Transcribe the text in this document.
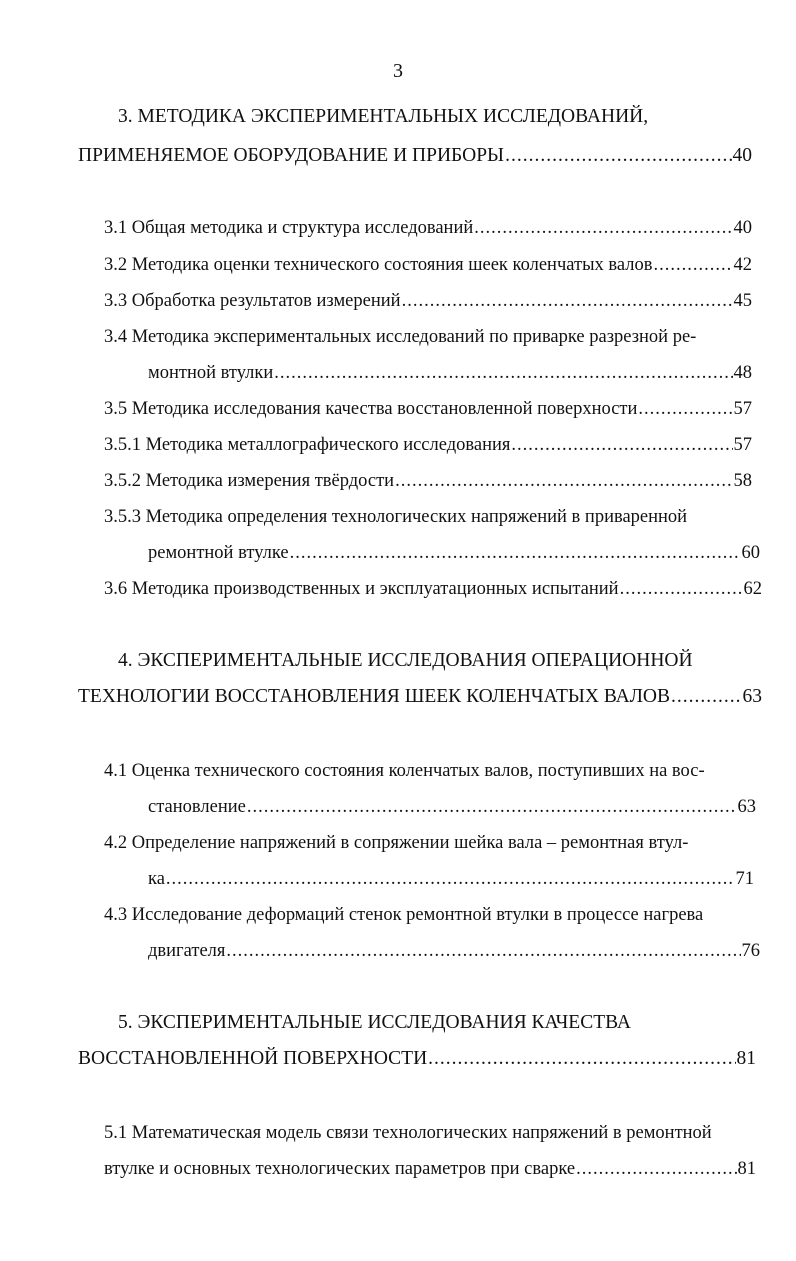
3
3. МЕТОДИКА ЭКСПЕРИМЕНТАЛЬНЫХ ИССЛЕДОВАНИЙ,
ПРИМЕНЯЕМОЕ ОБОРУДОВАНИЕ И ПРИБОРЫ .....	40
3.1 Общая методика и структура исследований .....	40
3.2 Методика оценки технического состояния шеек коленчатых валов .....	42
3.3 Обработка результатов измерений .....	45
3.4 Методика экспериментальных исследований по приварке разрезной ре-
монтной втулки .....	48
3.5 Методика исследования качества восстановленной поверхности .....	57
3.5.1 Методика металлографического исследования .....	57
3.5.2 Методика измерения твёрдости .....	58
3.5.3 Методика определения технологических напряжений в приваренной
ремонтной втулке .....	60
3.6 Методика производственных и эксплуатационных испытаний .....	62
4. ЭКСПЕРИМЕНТАЛЬНЫЕ ИССЛЕДОВАНИЯ ОПЕРАЦИОННОЙ
ТЕХНОЛОГИИ ВОССТАНОВЛЕНИЯ ШЕЕК КОЛЕНЧАТЫХ ВАЛОВ .....	63
4.1 Оценка технического состояния коленчатых валов, поступивших на вос-
становление .....	63
4.2 Определение напряжений в сопряжении шейка вала – ремонтная втул-
ка .....	71
4.3 Исследование деформаций стенок ремонтной втулки в процессе нагрева
двигателя .....	76
5. ЭКСПЕРИМЕНТАЛЬНЫЕ ИССЛЕДОВАНИЯ КАЧЕСТВА
ВОССТАНОВЛЕННОЙ ПОВЕРХНОСТИ .....	81
5.1 Математическая модель связи технологических напряжений в ремонтной
втулке и основных технологических параметров при сварке .....	81
